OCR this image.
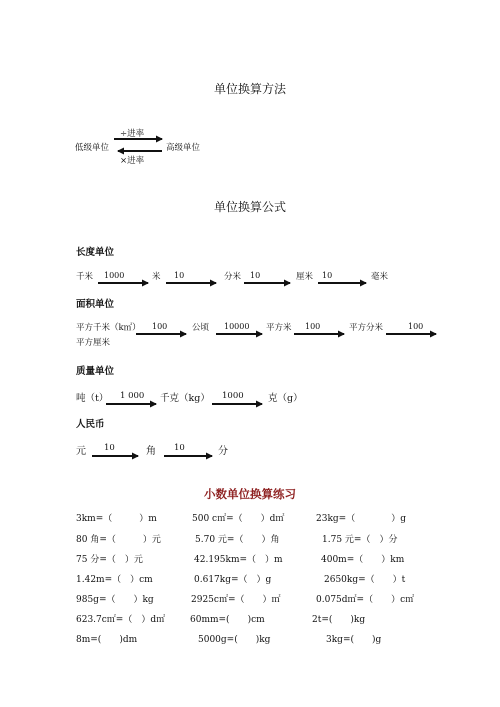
单位换算方法
÷进率
低级单位	高级单位
×进率
单位换算公式
长度单位
千米 1000	米 10	分米 10	厘米 10	毫米
面积单位
平方千米（k㎡） 100	公顷 10000 平方米 100	平方分米	100
平方厘米
质量单位
吨（t） 1 000 千克（kg） 1000	克（g）
人民币
元 10	角 10	分
小数单位换算练习
3km=（　　　）m	500 c㎡=（　　）d㎡	23kg=（　　　　）g
80 角=（　　　）元	5.70 元=（　　）角	1.75 元=（　）分
75 分=（　）元	42.195km=（　）m	400m=（　　）km
1.42m=（　）cm	0.617kg=（　）g	2650kg=（　　）t
985g=（　　）kg	2925c㎡=（　　）㎡	0.075d㎡=（　　）c㎡
623.7c㎡=（　）d㎡	60mm=(　　)cm	2t=(　　)kg
8m=(　　)dm	5000g=(　　)kg	3kg=(　　)g
